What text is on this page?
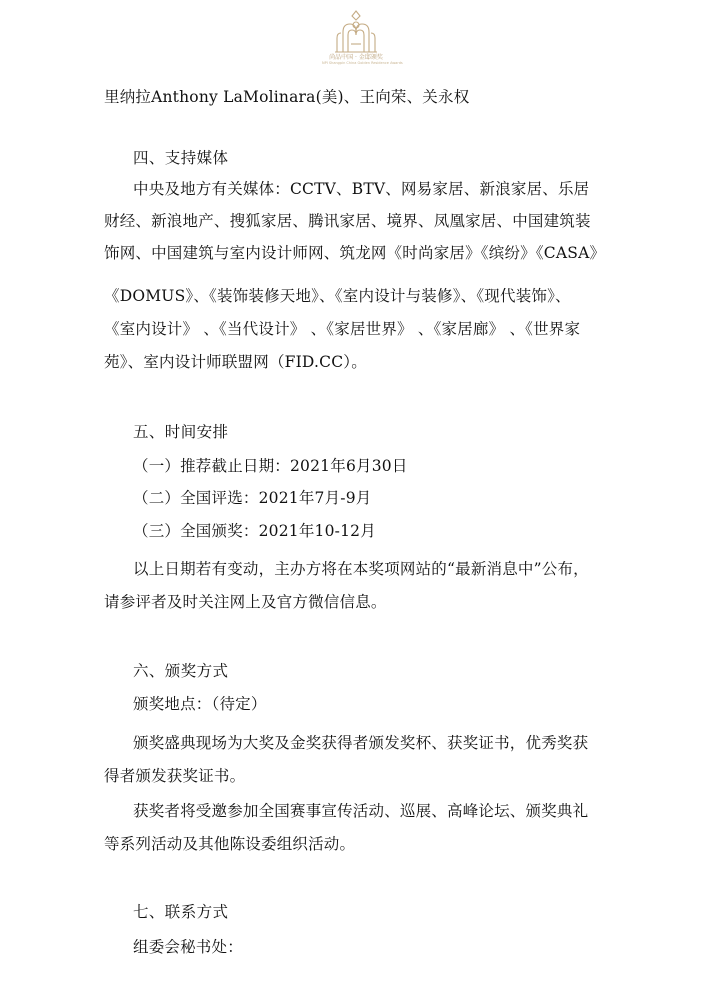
尚品中国 · 金邸颁奖
NPI Shangpin China Golden Residence Awards
里纳拉Anthony LaMolinara(美)、王向荣、关永权
四、支持媒体
中央及地方有关媒体：CCTV、BTV、网易家居、新浪家居、乐居
财经、新浪地产、搜狐家居、腾讯家居、境界、凤凰家居、中国建筑装
饰网、中国建筑与室内设计师网、筑龙网《时尚家居》《缤纷》《CASA》
《DOMUS》、《装饰装修天地》、《室内设计与装修》、《现代装饰》、
《室内设计》 、《当代设计》 、《家居世界》 、《家居廊》 、《世界家
苑》、室内设计师联盟网（FID.CC）。
五、时间安排
（一）推荐截止日期：2021年6月30日
（二）全国评选：2021年7月-9月
（三）全国颁奖：2021年10-12月
以上日期若有变动，主办方将在本奖项网站的“最新消息中”公布，
请参评者及时关注网上及官方微信信息。
六、颁奖方式
颁奖地点：（待定）
颁奖盛典现场为大奖及金奖获得者颁发奖杯、获奖证书，优秀奖获
得者颁发获奖证书。
获奖者将受邀参加全国赛事宣传活动、巡展、高峰论坛、颁奖典礼
等系列活动及其他陈设委组织活动。
七、联系方式
组委会秘书处：
